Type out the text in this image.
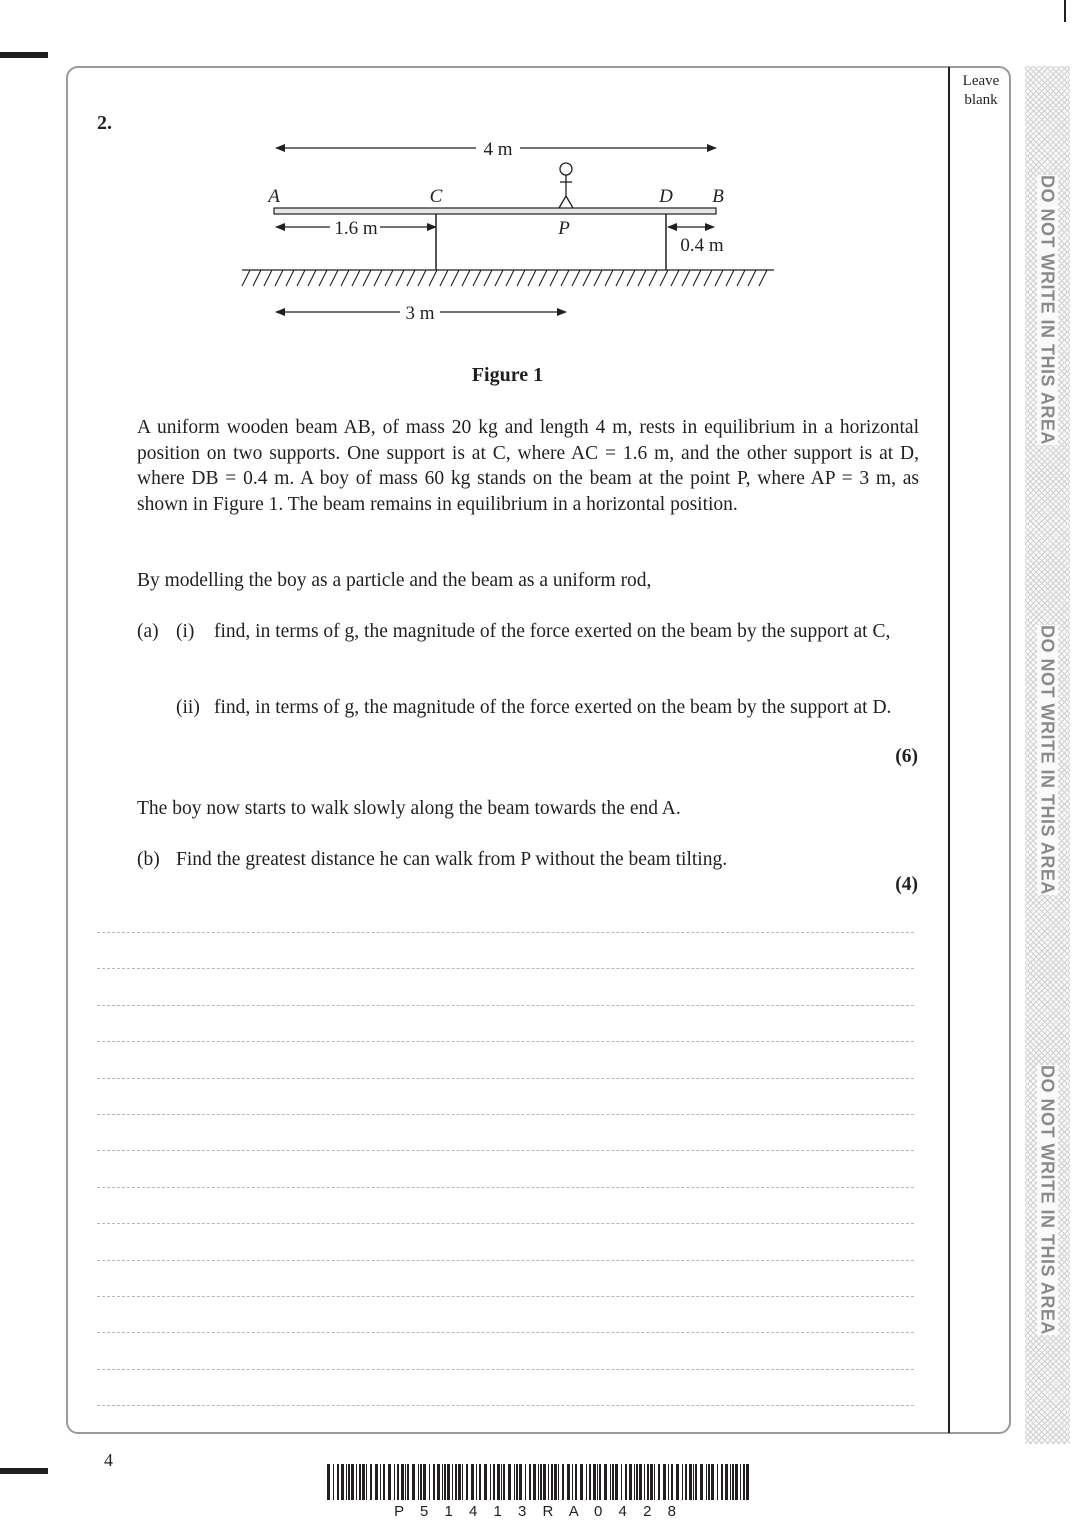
Leave
blank
DO NOT WRITE IN THIS AREA
DO NOT WRITE IN THIS AREA
DO NOT WRITE IN THIS AREA
2.
4 m
A	C	D B
1.6 m	P
0.4 m
3 m
Figure 1
A uniform wooden beam AB, of mass 20 kg and length 4 m, rests in equilibrium in a horizontal position on two supports. One support is at C, where AC = 1.6 m, and the other support is at D, where DB = 0.4 m. A boy of mass 60 kg stands on the beam at the point P, where AP = 3 m, as shown in Figure 1. The beam remains in equilibrium in a horizontal position.
By modelling the boy as a particle and the beam as a uniform rod,
(a) (i) find, in terms of g, the magnitude of the force exerted on the beam by the support at C,
(ii) find, in terms of g, the magnitude of the force exerted on the beam by the support at D.
(6)
The boy now starts to walk slowly along the beam towards the end A.
(b) Find the greatest distance he can walk from P without the beam tilting.
(4)
4
P 5 1 4 1 3 R A 0 4 2 8
